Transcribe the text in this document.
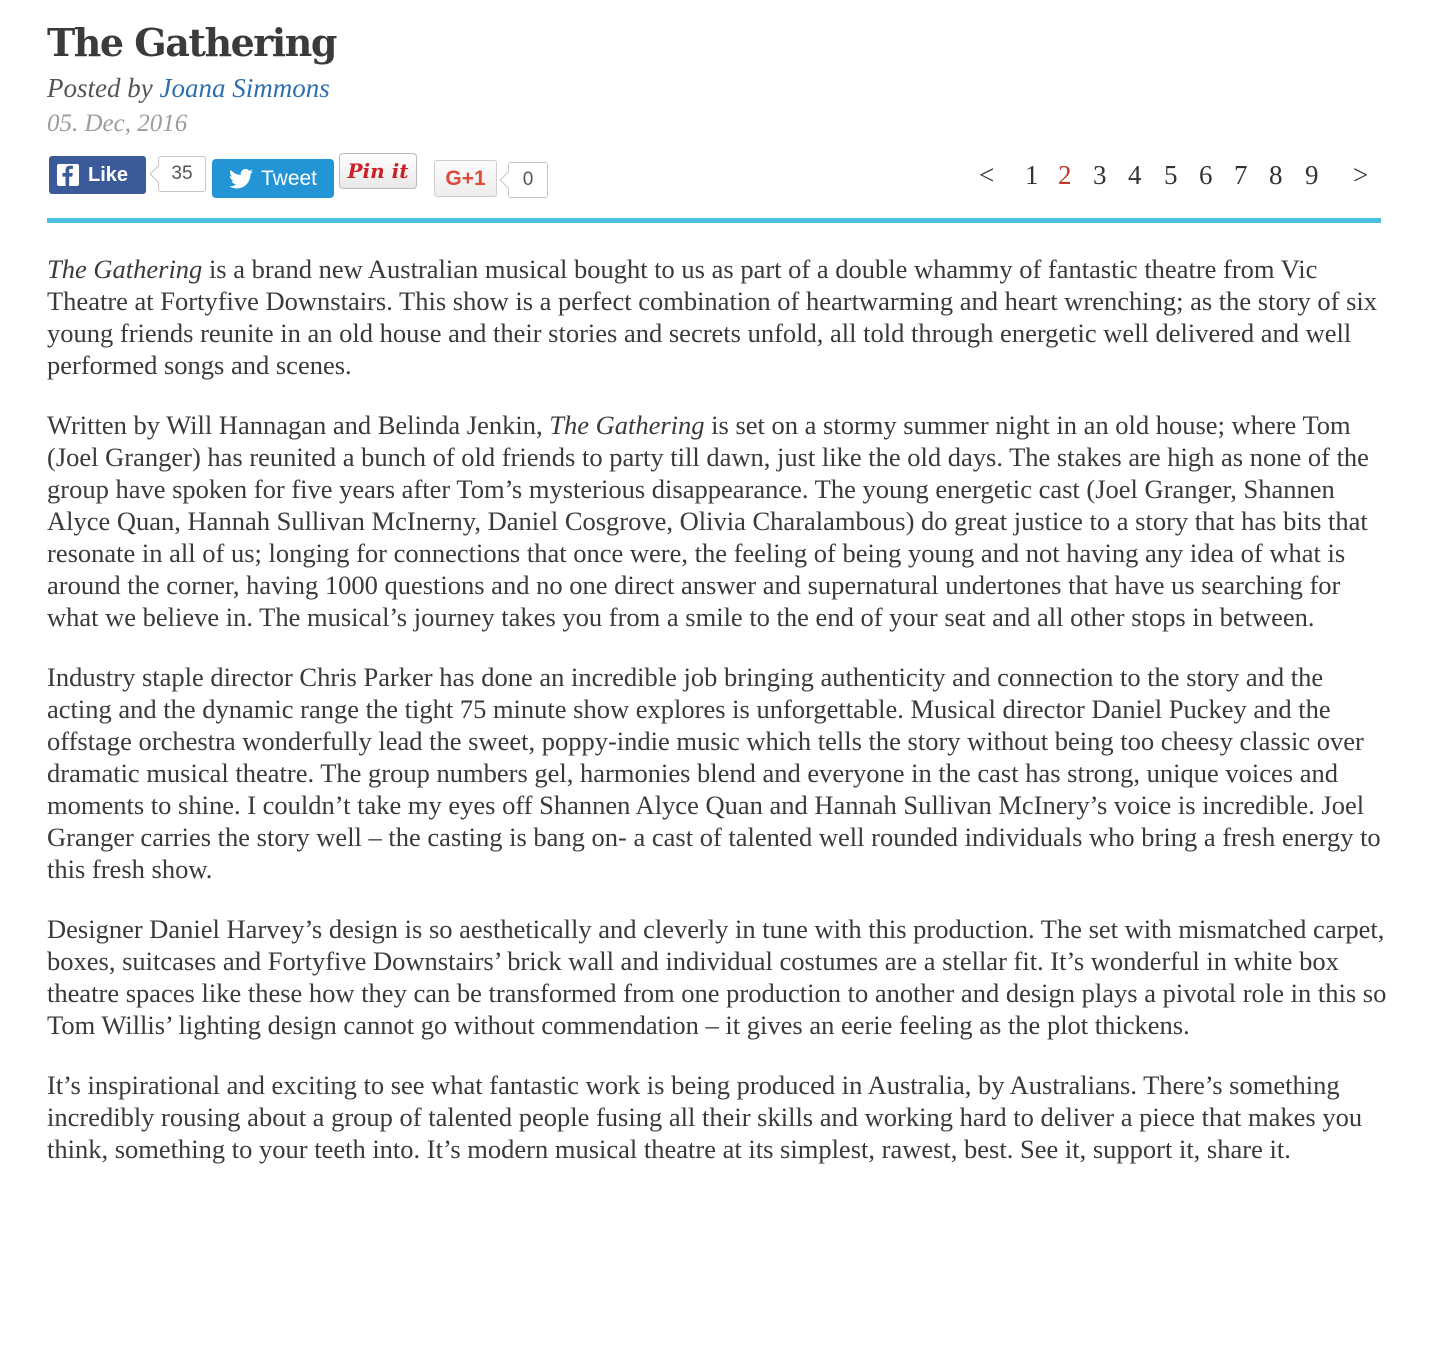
The Gathering
Posted by Joana Simmons
05. Dec, 2016
Like	35	Tweet Pin it G+1	0	< 1 2 3 4 5 6 7 8 9 >

The Gathering is a brand new Australian musical bought to us as part of a double whammy of fantastic theatre from Vic Theatre at Fortyfive Downstairs. This show is a perfect combination of heartwarming and heart wrenching; as the story of six young friends reunite in an old house and their stories and secrets unfold, all told through energetic well delivered and well performed songs and scenes.

Written by Will Hannagan and Belinda Jenkin, The Gathering is set on a stormy summer night in an old house; where Tom (Joel Granger) has reunited a bunch of old friends to party till dawn, just like the old days. The stakes are high as none of the group have spoken for five years after Tom’s mysterious disappearance. The young energetic cast (Joel Granger, Shannen Alyce Quan, Hannah Sullivan McInerny, Daniel Cosgrove, Olivia Charalambous) do great justice to a story that has bits that resonate in all of us; longing for connections that once were, the feeling of being young and not having any idea of what is around the corner, having 1000 questions and no one direct answer and supernatural undertones that have us searching for what we believe in. The musical’s journey takes you from a smile to the end of your seat and all other stops in between.

Industry staple director Chris Parker has done an incredible job bringing authenticity and connection to the story and the acting and the dynamic range the tight 75 minute show explores is unforgettable. Musical director Daniel Puckey and the offstage orchestra wonderfully lead the sweet, poppy-indie music which tells the story without being too cheesy classic over dramatic musical theatre. The group numbers gel, harmonies blend and everyone in the cast has strong, unique voices and moments to shine. I couldn’t take my eyes off Shannen Alyce Quan and Hannah Sullivan McInery’s voice is incredible. Joel Granger carries the story well – the casting is bang on- a cast of talented well rounded individuals who bring a fresh energy to this fresh show.

Designer Daniel Harvey’s design is so aesthetically and cleverly in tune with this production. The set with mismatched carpet, boxes, suitcases and Fortyfive Downstairs’ brick wall and individual costumes are a stellar fit. It’s wonderful in white box theatre spaces like these how they can be transformed from one production to another and design plays a pivotal role in this so Tom Willis’ lighting design cannot go without commendation – it gives an eerie feeling as the plot thickens.

It’s inspirational and exciting to see what fantastic work is being produced in Australia, by Australians. There’s something incredibly rousing about a group of talented people fusing all their skills and working hard to deliver a piece that makes you think, something to your teeth into. It’s modern musical theatre at its simplest, rawest, best. See it, support it, share it.
